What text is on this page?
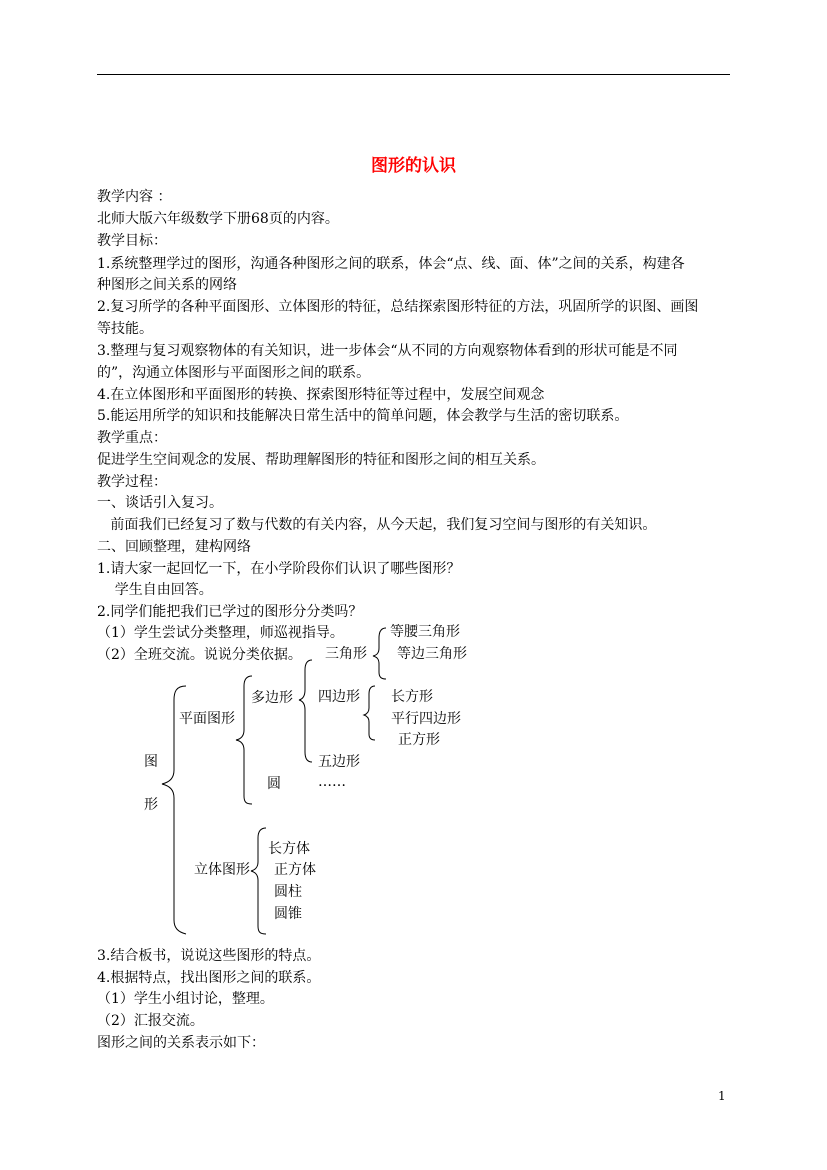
图形的认识
教学内容 ：
北师大版六年级数学下册68页的内容。
教学目标：
1.系统整理学过的图形，沟通各种图形之间的联系，体会“点、线、面、体”之间的关系，构建各
种图形之间关系的网络
2.复习所学的各种平面图形、立体图形的特征，总结探索图形特征的方法，巩固所学的识图、画图
等技能。
3.整理与复习观察物体的有关知识，进一步体会“从不同的方向观察物体看到的形状可能是不同
的”，沟通立体图形与平面图形之间的联系。
4.在立体图形和平面图形的转换、探索图形特征等过程中，发展空间观念
5.能运用所学的知识和技能解决日常生活中的简单问题，体会教学与生活的密切联系。
教学重点：
促进学生空间观念的发展、帮助理解图形的特征和图形之间的相互关系。
教学过程：
一、谈话引入复习。
前面我们已经复习了数与代数的有关内容，从今天起，我们复习空间与图形的有关知识。
二、回顾整理，建构网络
1.请大家一起回忆一下，在小学阶段你们认识了哪些图形？
学生自由回答。
2.同学们能把我们已学过的图形分分类吗？
（1）学生尝试分类整理，师巡视指导。
（2）全班交流。说说分类依据。
图
形
平面图形
多边形
三角形
等腰三角形
等边三角形
四边形 长方形
平行四边形
正方形
五边形
……
圆
立体图形
长方体
正方体
圆柱
圆锥
3.结合板书，说说这些图形的特点。
4.根据特点，找出图形之间的联系。
（1）学生小组讨论，整理。
（2）汇报交流。
图形之间的关系表示如下：
1
